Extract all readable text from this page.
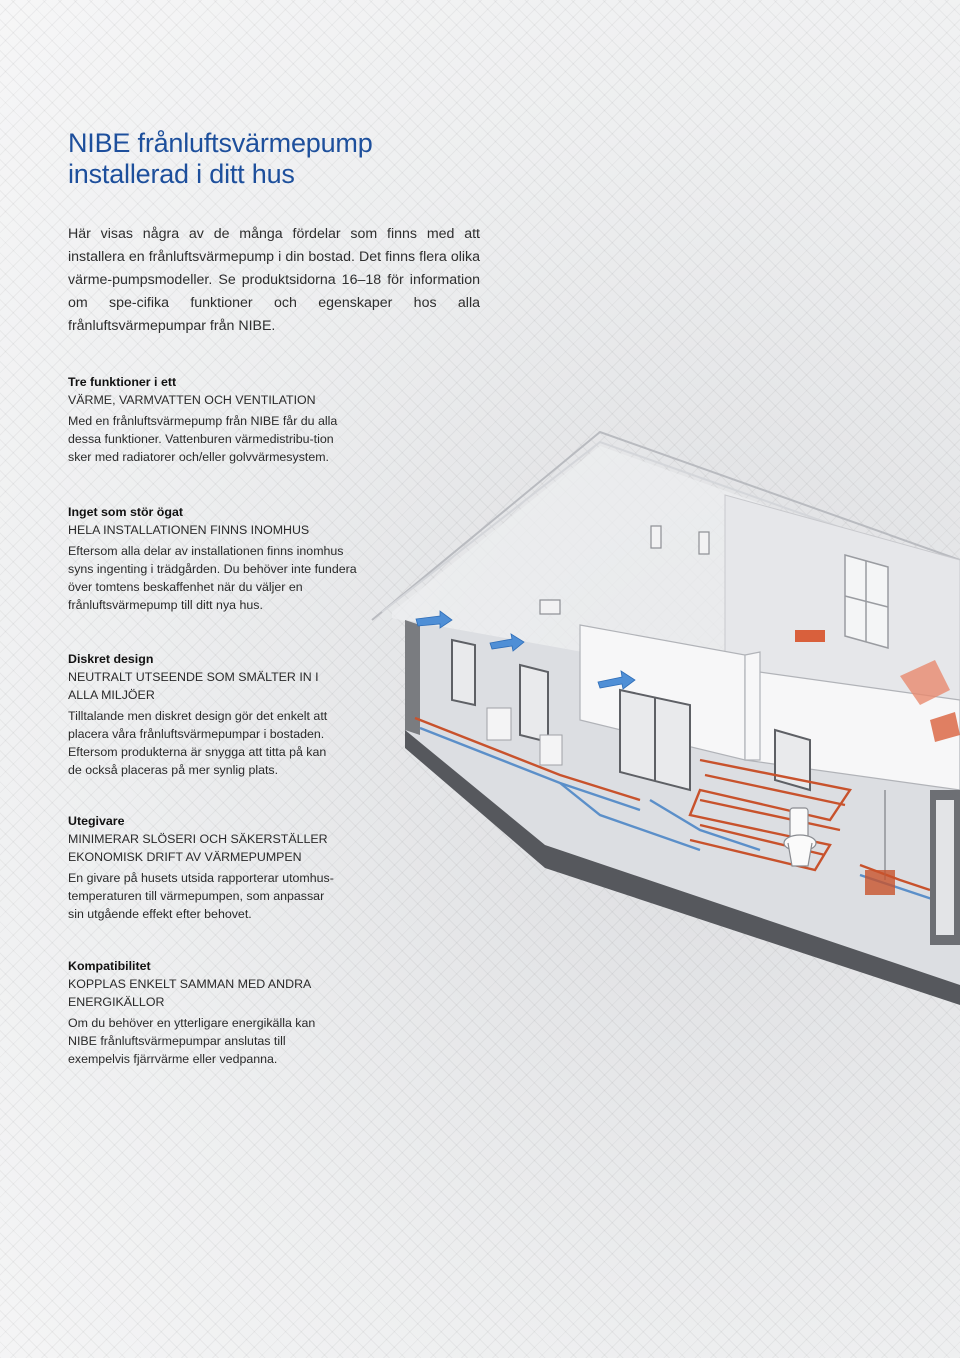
NIBE frånluftsvärmepump
installerad i ditt hus

Här visas några av de många fördelar som finns med att installera en frånluftsvärmepump i din bostad. Det finns flera olika värme-pumpsmodeller. Se produktsidorna 16–18 för information om spe-cifika funktioner och egenskaper hos alla frånluftsvärmepumpar från NIBE.

Tre funktioner i ett
VÄRME, VARMVATTEN OCH VENTILATION
Med en frånluftsvärmepump från NIBE får du alla dessa funktioner. Vattenburen värmedistribu-tion sker med radiatorer och/eller golvvärmesystem.
Inget som stör ögat
HELA INSTALLATIONEN FINNS INOMHUS
Eftersom alla delar av installationen finns inomhus syns ingenting i trädgården. Du behöver inte fundera över tomtens beskaffenhet när du väljer en frånluftsvärmepump till ditt nya hus.
Diskret design
NEUTRALT UTSEENDE SOM SMÄLTER IN I ALLA MILJÖER
Tilltalande men diskret design gör det enkelt att placera våra frånluftsvärmepumpar i bostaden. Eftersom produkterna är snygga att titta på kan de också placeras på mer synlig plats.
Utegivare
MINIMERAR SLÖSERI OCH SÄKERSTÄLLER EKONOMISK DRIFT AV VÄRMEPUMPEN
En givare på husets utsida rapporterar utomhus-temperaturen till värmepumpen, som anpassar sin utgående effekt efter behovet.
Kompatibilitet
KOPPLAS ENKELT SAMMAN MED ANDRA ENERGIKÄLLOR
Om du behöver en ytterligare energikälla kan NIBE frånluftsvärmepumpar anslutas till exempelvis fjärrvärme eller vedpanna.
